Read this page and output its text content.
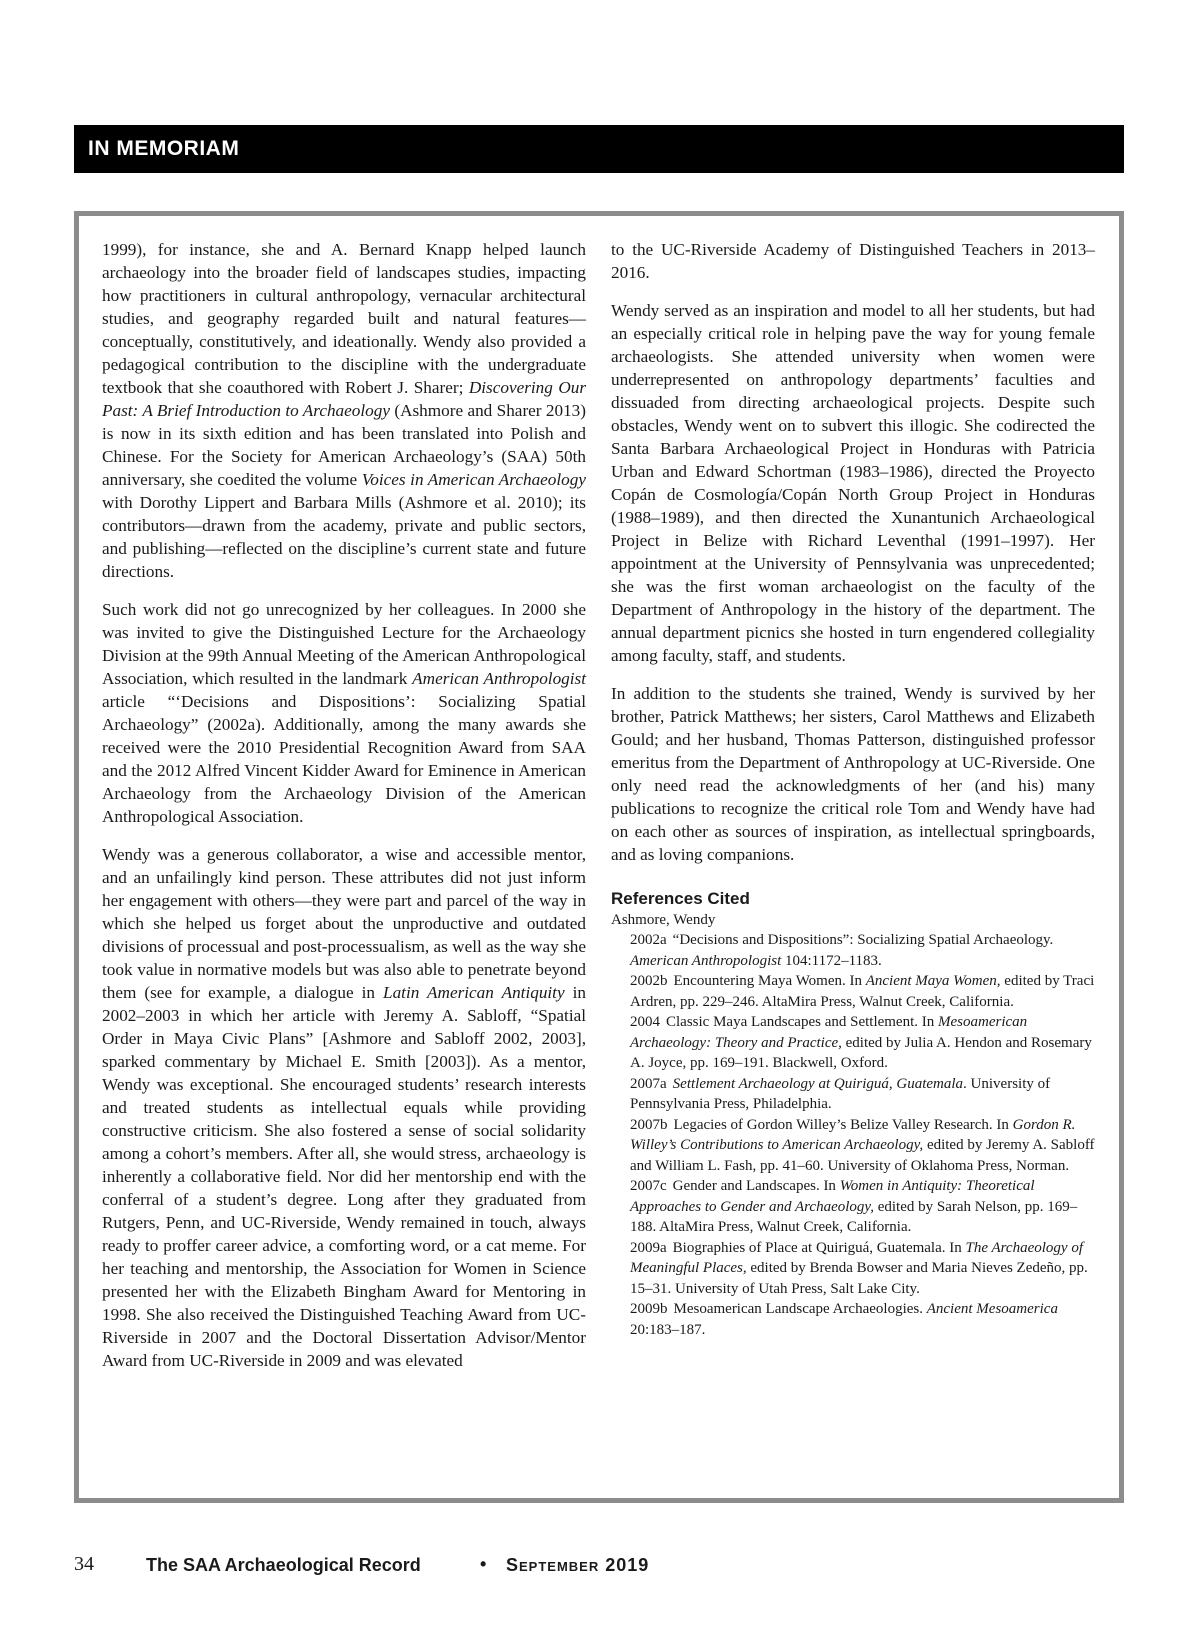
IN MEMORIAM

1999), for instance, she and A. Bernard Knapp helped launch archaeology into the broader field of landscapes studies, impacting how practitioners in cultural anthropology, vernacular architectural studies, and geography regarded built and natural features—conceptually, constitutively, and ideationally. Wendy also provided a pedagogical contribution to the discipline with the undergraduate textbook that she coauthored with Robert J. Sharer; Discovering Our Past: A Brief Introduction to Archaeology (Ashmore and Sharer 2013) is now in its sixth edition and has been translated into Polish and Chinese. For the Society for American Archaeology’s (SAA) 50th anniversary, she coedited the volume Voices in American Archaeology with Dorothy Lippert and Barbara Mills (Ashmore et al. 2010); its contributors—drawn from the academy, private and public sectors, and publishing—reflected on the discipline’s current state and future directions.

Such work did not go unrecognized by her colleagues. In 2000 she was invited to give the Distinguished Lecture for the Archaeology Division at the 99th Annual Meeting of the American Anthropological Association, which resulted in the landmark American Anthropologist article “‘Decisions and Dispositions’: Socializing Spatial Archaeology” (2002a). Additionally, among the many awards she received were the 2010 Presidential Recognition Award from SAA and the 2012 Alfred Vincent Kidder Award for Eminence in American Archaeology from the Archaeology Division of the American Anthropological Association.

Wendy was a generous collaborator, a wise and accessible mentor, and an unfailingly kind person. These attributes did not just inform her engagement with others—they were part and parcel of the way in which she helped us forget about the unproductive and outdated divisions of processual and post-processualism, as well as the way she took value in normative models but was also able to penetrate beyond them (see for example, a dialogue in Latin American Antiquity in 2002–2003 in which her article with Jeremy A. Sabloff, “Spatial Order in Maya Civic Plans” [Ashmore and Sabloff 2002, 2003], sparked commentary by Michael E. Smith [2003]). As a mentor, Wendy was exceptional. She encouraged students’ research interests and treated students as intellectual equals while providing constructive criticism. She also fostered a sense of social solidarity among a cohort’s members. After all, she would stress, archaeology is inherently a collaborative field. Nor did her mentorship end with the conferral of a student’s degree. Long after they graduated from Rutgers, Penn, and UC-Riverside, Wendy remained in touch, always ready to proffer career advice, a comforting word, or a cat meme. For her teaching and mentorship, the Association for Women in Science presented her with the Elizabeth Bingham Award for Mentoring in 1998. She also received the Distinguished Teaching Award from UC-Riverside in 2007 and the Doctoral Dissertation Advisor/Mentor Award from UC-Riverside in 2009 and was elevated

to the UC-Riverside Academy of Distinguished Teachers in 2013–2016.

Wendy served as an inspiration and model to all her students, but had an especially critical role in helping pave the way for young female archaeologists. She attended university when women were underrepresented on anthropology departments’ faculties and dissuaded from directing archaeological projects. Despite such obstacles, Wendy went on to subvert this illogic. She codirected the Santa Barbara Archaeological Project in Honduras with Patricia Urban and Edward Schortman (1983–1986), directed the Proyecto Copán de Cosmología/Copán North Group Project in Honduras (1988–1989), and then directed the Xunantunich Archaeological Project in Belize with Richard Leventhal (1991–1997). Her appointment at the University of Pennsylvania was unprecedented; she was the first woman archaeologist on the faculty of the Department of Anthropology in the history of the department. The annual department picnics she hosted in turn engendered collegiality among faculty, staff, and students.

In addition to the students she trained, Wendy is survived by her brother, Patrick Matthews; her sisters, Carol Matthews and Elizabeth Gould; and her husband, Thomas Patterson, distinguished professor emeritus from the Department of Anthropology at UC-Riverside. One only need read the acknowledgments of her (and his) many publications to recognize the critical role Tom and Wendy have had on each other as sources of inspiration, as intellectual springboards, and as loving companions.

References Cited
Ashmore, Wendy
2002a “Decisions and Dispositions”: Socializing Spatial Archaeology. American Anthropologist 104:1172–1183.
2002b Encountering Maya Women. In Ancient Maya Women, edited by Traci Ardren, pp. 229–246. AltaMira Press, Walnut Creek, California.
2004 Classic Maya Landscapes and Settlement. In Mesoamerican Archaeology: Theory and Practice, edited by Julia A. Hendon and Rosemary A. Joyce, pp. 169–191. Blackwell, Oxford.
2007a Settlement Archaeology at Quiriguá, Guatemala. University of Pennsylvania Press, Philadelphia.
2007b Legacies of Gordon Willey’s Belize Valley Research. In Gordon R. Willey’s Contributions to American Archaeology, edited by Jeremy A. Sabloff and William L. Fash, pp. 41–60. University of Oklahoma Press, Norman.
2007c Gender and Landscapes. In Women in Antiquity: Theoretical Approaches to Gender and Archaeology, edited by Sarah Nelson, pp. 169–188. AltaMira Press, Walnut Creek, California.
2009a Biographies of Place at Quiriguá, Guatemala. In The Archaeology of Meaningful Places, edited by Brenda Bowser and Maria Nieves Zedeño, pp. 15–31. University of Utah Press, Salt Lake City.
2009b Mesoamerican Landscape Archaeologies. Ancient Mesoamerica 20:183–187.
34	The SAA Archaeological Record	• September 2019
